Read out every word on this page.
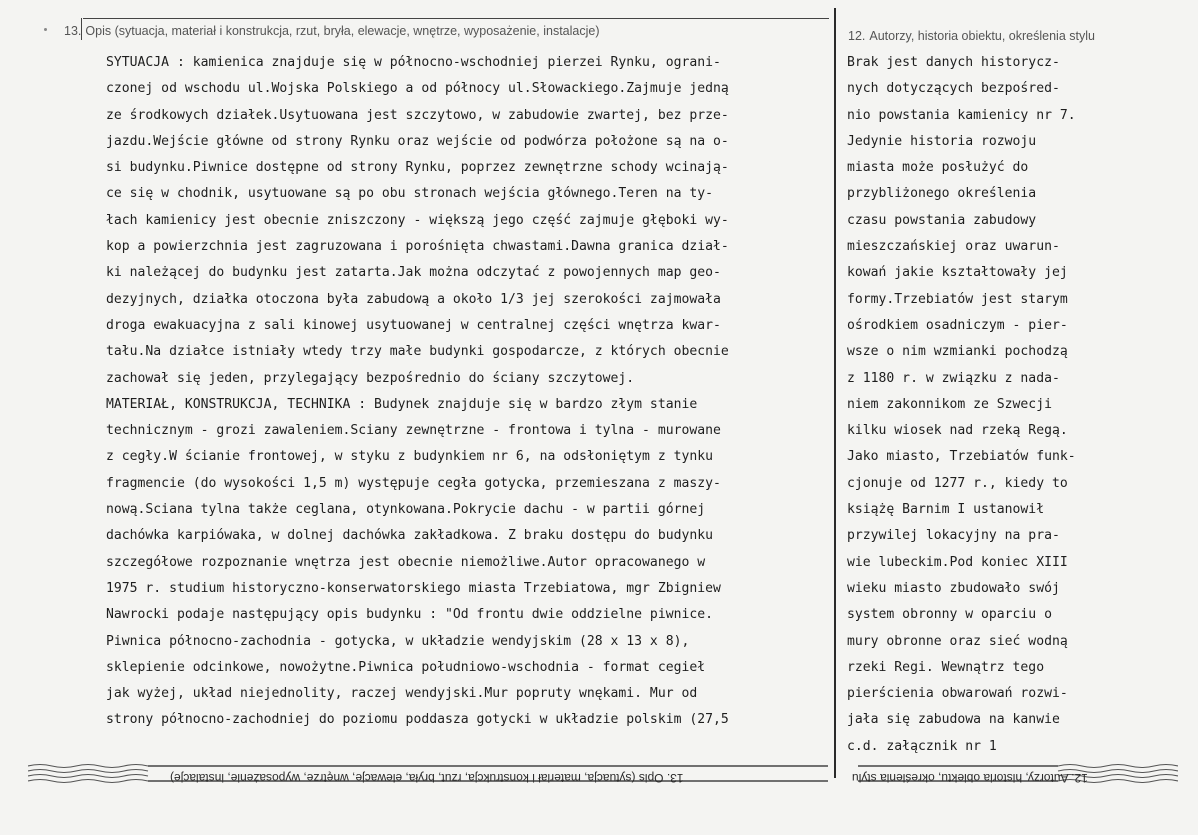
13. Opis (sytuacja, materiał i konstrukcja, rzut, bryła, elewacje, wnętrze, wyposażenie, instalacje)	12. Autorzy, historia obiektu, określenia stylu
SYTUACJA : kamienica znajduje się w północno-wschodniej pierzei Rynku, ograni-
czonej od wschodu ul.Wojska Polskiego a od północy ul.Słowackiego.Zajmuje jedną
ze środkowych działek.Usytuowana jest szczytowo, w zabudowie zwartej, bez prze-
jazdu.Wejście główne od strony Rynku oraz wejście od podwórza położone są na o-
si budynku.Piwnice dostępne od strony Rynku, poprzez zewnętrzne schody wcinają-
ce się w chodnik, usytuowane są po obu stronach wejścia głównego.Teren na ty-
łach kamienicy jest obecnie zniszczony - większą jego część zajmuje głęboki wy-
kop a powierzchnia jest zagruzowana i porośnięta chwastami.Dawna granica dział-
ki należącej do budynku jest zatarta.Jak można odczytać z powojennych map geo-
dezyjnych, działka otoczona była zabudową a około 1/3 jej szerokości zajmowała
droga ewakuacyjna z sali kinowej usytuowanej w centralnej części wnętrza kwar-
tału.Na działce istniały wtedy trzy małe budynki gospodarcze, z których obecnie
zachował się jeden, przylegający bezpośrednio do ściany szczytowej.
MATERIAŁ, KONSTRUKCJA, TECHNIKA : Budynek znajduje się w bardzo złym stanie
technicznym - grozi zawaleniem.Sciany zewnętrzne - frontowa i tylna - murowane
z cegły.W ścianie frontowej, w styku z budynkiem nr 6, na odsłoniętym z tynku
fragmencie (do wysokości 1,5 m) występuje cegła gotycka, przemieszana z maszy-
nową.Sciana tylna także ceglana, otynkowana.Pokrycie dachu - w partii górnej
dachówka karpiówaka, w dolnej dachówka zakładkowa. Z braku dostępu do budynku
szczegółowe rozpoznanie wnętrza jest obecnie niemożliwe.Autor opracowanego w
1975 r. studium historyczno-konserwatorskiego miasta Trzebiatowa, mgr Zbigniew
Nawrocki podaje następujący opis budynku : "Od frontu dwie oddzielne piwnice.
Piwnica północno-zachodnia - gotycka, w układzie wendyjskim (28 x 13 x 8),
sklepienie odcinkowe, nowożytne.Piwnica południowo-wschodnia - format cegieł
jak wyżej, układ niejednolity, raczej wendyjski.Mur popruty wnękami. Mur od
strony północno-zachodniej do poziomu poddasza gotycki w układzie polskim (27,5
Brak jest danych historycz-
nych dotyczących bezpośred-
nio powstania kamienicy nr 7.
Jedynie historia rozwoju
miasta może posłużyć do
przybliżonego określenia
czasu powstania zabudowy
mieszczańskiej oraz uwarun-
kowań jakie kształtowały jej
formy.Trzebiatów jest starym
ośrodkiem osadniczym - pier-
wsze o nim wzmianki pochodzą
z 1180 r. w związku z nada-
niem zakonnikom ze Szwecji
kilku wiosek nad rzeką Regą.
Jako miasto, Trzebiatów funk-
cjonuje od 1277 r., kiedy to
książę Barnim I ustanowił
przywilej lokacyjny na pra-
wie lubeckim.Pod koniec XIII
wieku miasto zbudowało swój
system obronny w oparciu o
mury obronne oraz sieć wodną
rzeki Regi. Wewnątrz tego
pierścienia obwarowań rozwi-
jała się zabudowa na kanwie
c.d. załącznik nr 1
13. Opis (sytuacja, materiał i konstrukcja, rzut, bryła, elewacje, wnętrze, wyposażenie, instalacje)	12. Autorzy, historia obiektu, określenia stylu
